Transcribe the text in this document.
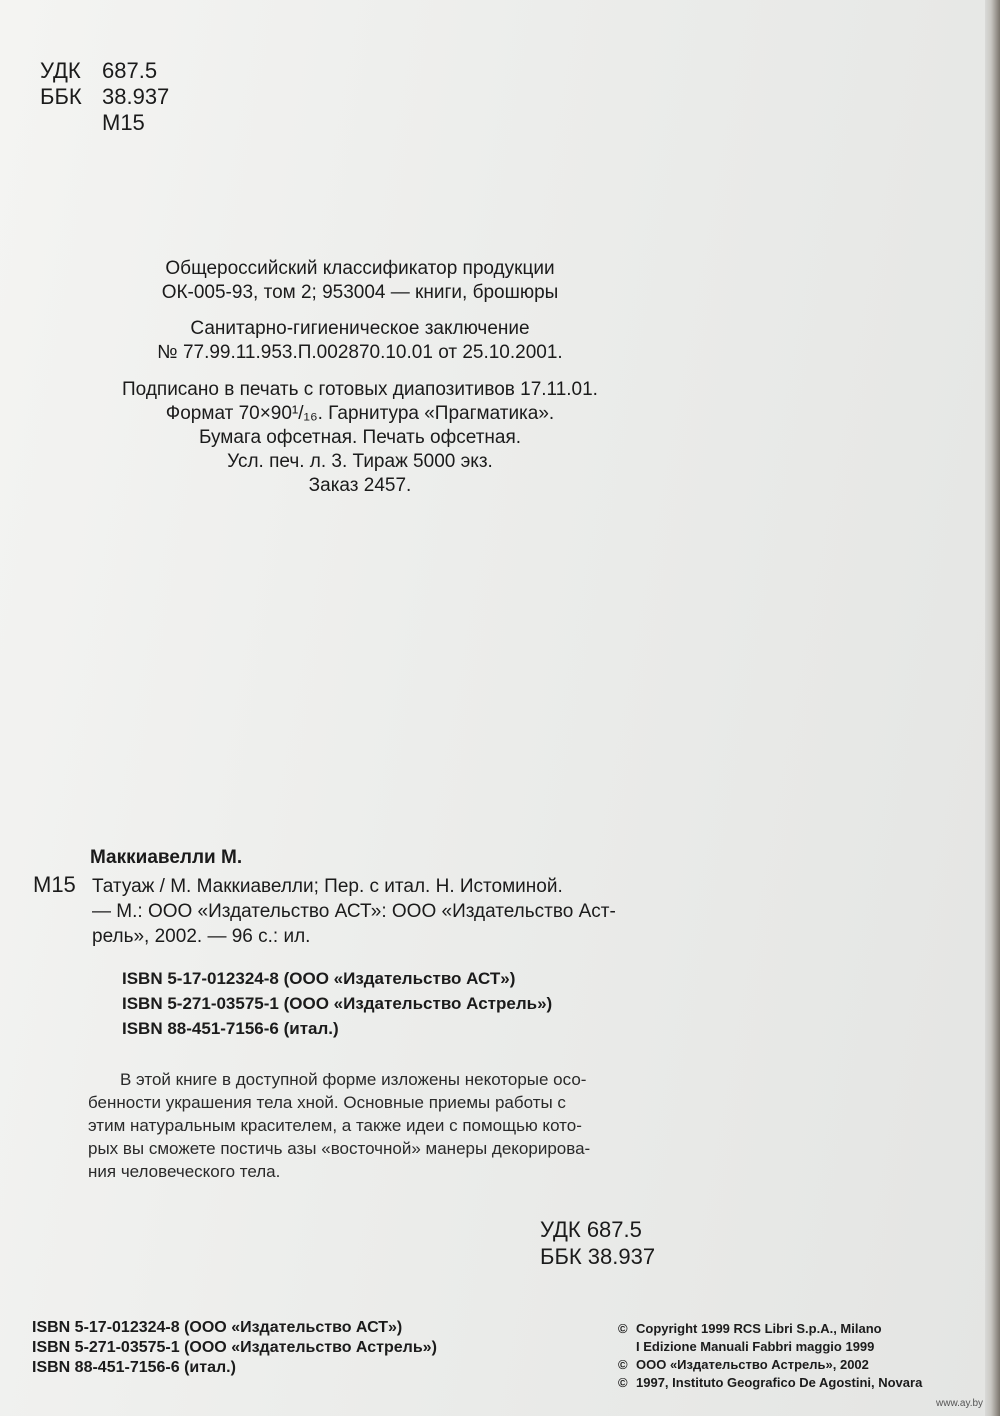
УДК 687.5
ББК 38.937
М15
Общероссийский классификатор продукции
ОК-005-93, том 2; 953004 — книги, брошюры
Санитарно-гигиеническое заключение
№ 77.99.11.953.П.002870.10.01 от 25.10.2001.
Подписано в печать с готовых диапозитивов 17.11.01.
Формат 70×90¹/₁₆. Гарнитура «Прагматика».
Бумага офсетная. Печать офсетная.
Усл. печ. л. 3. Тираж 5000 экз.
Заказ 2457.
Маккиавелли М.
М15 Татуаж / М. Маккиавелли; Пер. с итал. Н. Истоминой.
— М.: ООО «Издательство АСТ»: ООО «Издательство Аст-
рель», 2002. — 96 с.: ил.
ISBN 5-17-012324-8 (ООО «Издательство АСТ»)
ISBN 5-271-03575-1 (ООО «Издательство Астрель»)
ISBN 88-451-7156-6 (итал.)
В этой книге в доступной форме изложены некоторые осо-
бенности украшения тела хной. Основные приемы работы с
этим натуральным красителем, а также идеи с помощью кото-
рых вы сможете постичь азы «восточной» манеры декорирова-
ния человеческого тела.
УДК 687.5
ББК 38.937
ISBN 5-17-012324-8 (ООО «Издательство АСТ»)
ISBN 5-271-03575-1 (ООО «Издательство Астрель»)
ISBN 88-451-7156-6 (итал.)
© Copyright 1999 RCS Libri S.p.A., Milano
I Edizione Manuali Fabbri maggio 1999
© ООО «Издательство Астрель», 2002
© 1997, Instituto Geografico De Agostini, Novara
www.ay.by
